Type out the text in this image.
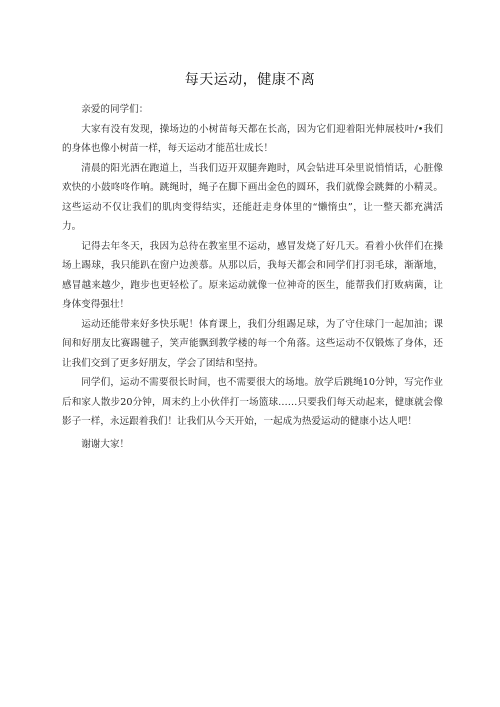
每天运动，健康不离

亲爱的同学们：

大家有没有发现，操场边的小树苗每天都在长高，因为它们迎着阳光伸展枝叶/•我们的身体也像小树苗一样，每天运动才能茁壮成长！

清晨的阳光洒在跑道上，当我们迈开双腿奔跑时，风会钻进耳朵里说悄悄话，心脏像欢快的小鼓咚咚作响。跳绳时，绳子在脚下画出金色的圆环，我们就像会跳舞的小精灵。这些运动不仅让我们的肌肉变得结实，还能赶走身体里的“懒惰虫”，让一整天都充满活力。

记得去年冬天，我因为总待在教室里不运动，感冒发烧了好几天。看着小伙伴们在操场上踢球，我只能趴在窗户边羡慕。从那以后，我每天都会和同学们打羽毛球，渐渐地，感冒越来越少，跑步也更轻松了。原来运动就像一位神奇的医生，能帮我们打败病菌，让身体变得强壮！

运动还能带来好多快乐呢！体育课上，我们分组踢足球，为了守住球门一起加油；课间和好朋友比赛踢毽子，笑声能飘到教学楼的每一个角落。这些运动不仅锻炼了身体，还让我们交到了更多好朋友，学会了团结和坚持。

同学们，运动不需要很长时间，也不需要很大的场地。放学后跳绳10分钟，写完作业后和家人散步20分钟，周末约上小伙伴打一场篮球……只要我们每天动起来，健康就会像影子一样，永远跟着我们！让我们从今天开始，一起成为热爱运动的健康小达人吧！

谢谢大家！
